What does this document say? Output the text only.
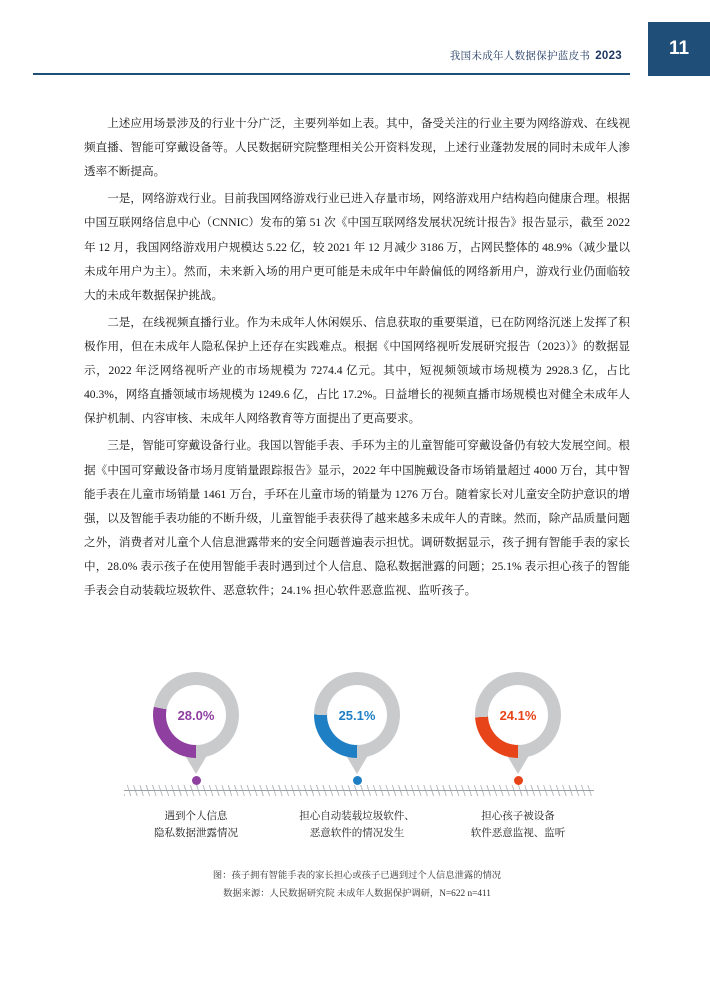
我国未成年人数据保护蓝皮书 2023	11

上述应用场景涉及的行业十分广泛，主要列举如上表。其中，备受关注的行业主要为网络游戏、在线视频直播、智能可穿戴设备等。人民数据研究院整理相关公开资料发现，上述行业蓬勃发展的同时未成年人渗透率不断提高。

一是，网络游戏行业。目前我国网络游戏行业已进入存量市场，网络游戏用户结构趋向健康合理。根据中国互联网络信息中心（CNNIC）发布的第 51 次《中国互联网络发展状况统计报告》报告显示，截至 2022 年 12 月，我国网络游戏用户规模达 5.22 亿，较 2021 年 12 月减少 3186 万，占网民整体的 48.9%（减少量以未成年用户为主）。然而，未来新入场的用户更可能是未成年中年龄偏低的网络新用户，游戏行业仍面临较大的未成年数据保护挑战。

二是，在线视频直播行业。作为未成年人休闲娱乐、信息获取的重要渠道，已在防网络沉迷上发挥了积极作用，但在未成年人隐私保护上还存在实践难点。根据《中国网络视听发展研究报告（2023）》的数据显示，2022 年泛网络视听产业的市场规模为 7274.4 亿元。其中，短视频领域市场规模为 2928.3 亿，占比 40.3%，网络直播领域市场规模为 1249.6 亿，占比 17.2%。日益增长的视频直播市场规模也对健全未成年人保护机制、内容审核、未成年人网络教育等方面提出了更高要求。

三是，智能可穿戴设备行业。我国以智能手表、手环为主的儿童智能可穿戴设备仍有较大发展空间。根据《中国可穿戴设备市场月度销量跟踪报告》显示，2022 年中国腕戴设备市场销量超过 4000 万台，其中智能手表在儿童市场销量 1461 万台，手环在儿童市场的销量为 1276 万台。随着家长对儿童安全防护意识的增强，以及智能手表功能的不断升级，儿童智能手表获得了越来越多未成年人的青睐。然而，除产品质量问题之外，消费者对儿童个人信息泄露带来的安全问题普遍表示担忧。调研数据显示，孩子拥有智能手表的家长中，28.0% 表示孩子在使用智能手表时遇到过个人信息、隐私数据泄露的问题；25.1% 表示担心孩子的智能手表会自动装载垃圾软件、恶意软件；24.1% 担心软件恶意监视、监听孩子。

28.0%	25.1%	24.1%
遇到个人信息
隐私数据泄露情况
担心自动装载垃圾软件、
恶意软件的情况发生
担心孩子被设备
软件恶意监视、监听
图：孩子拥有智能手表的家长担心或孩子已遇到过个人信息泄露的情况
数据来源：人民数据研究院 未成年人数据保护调研，N=622 n=411
